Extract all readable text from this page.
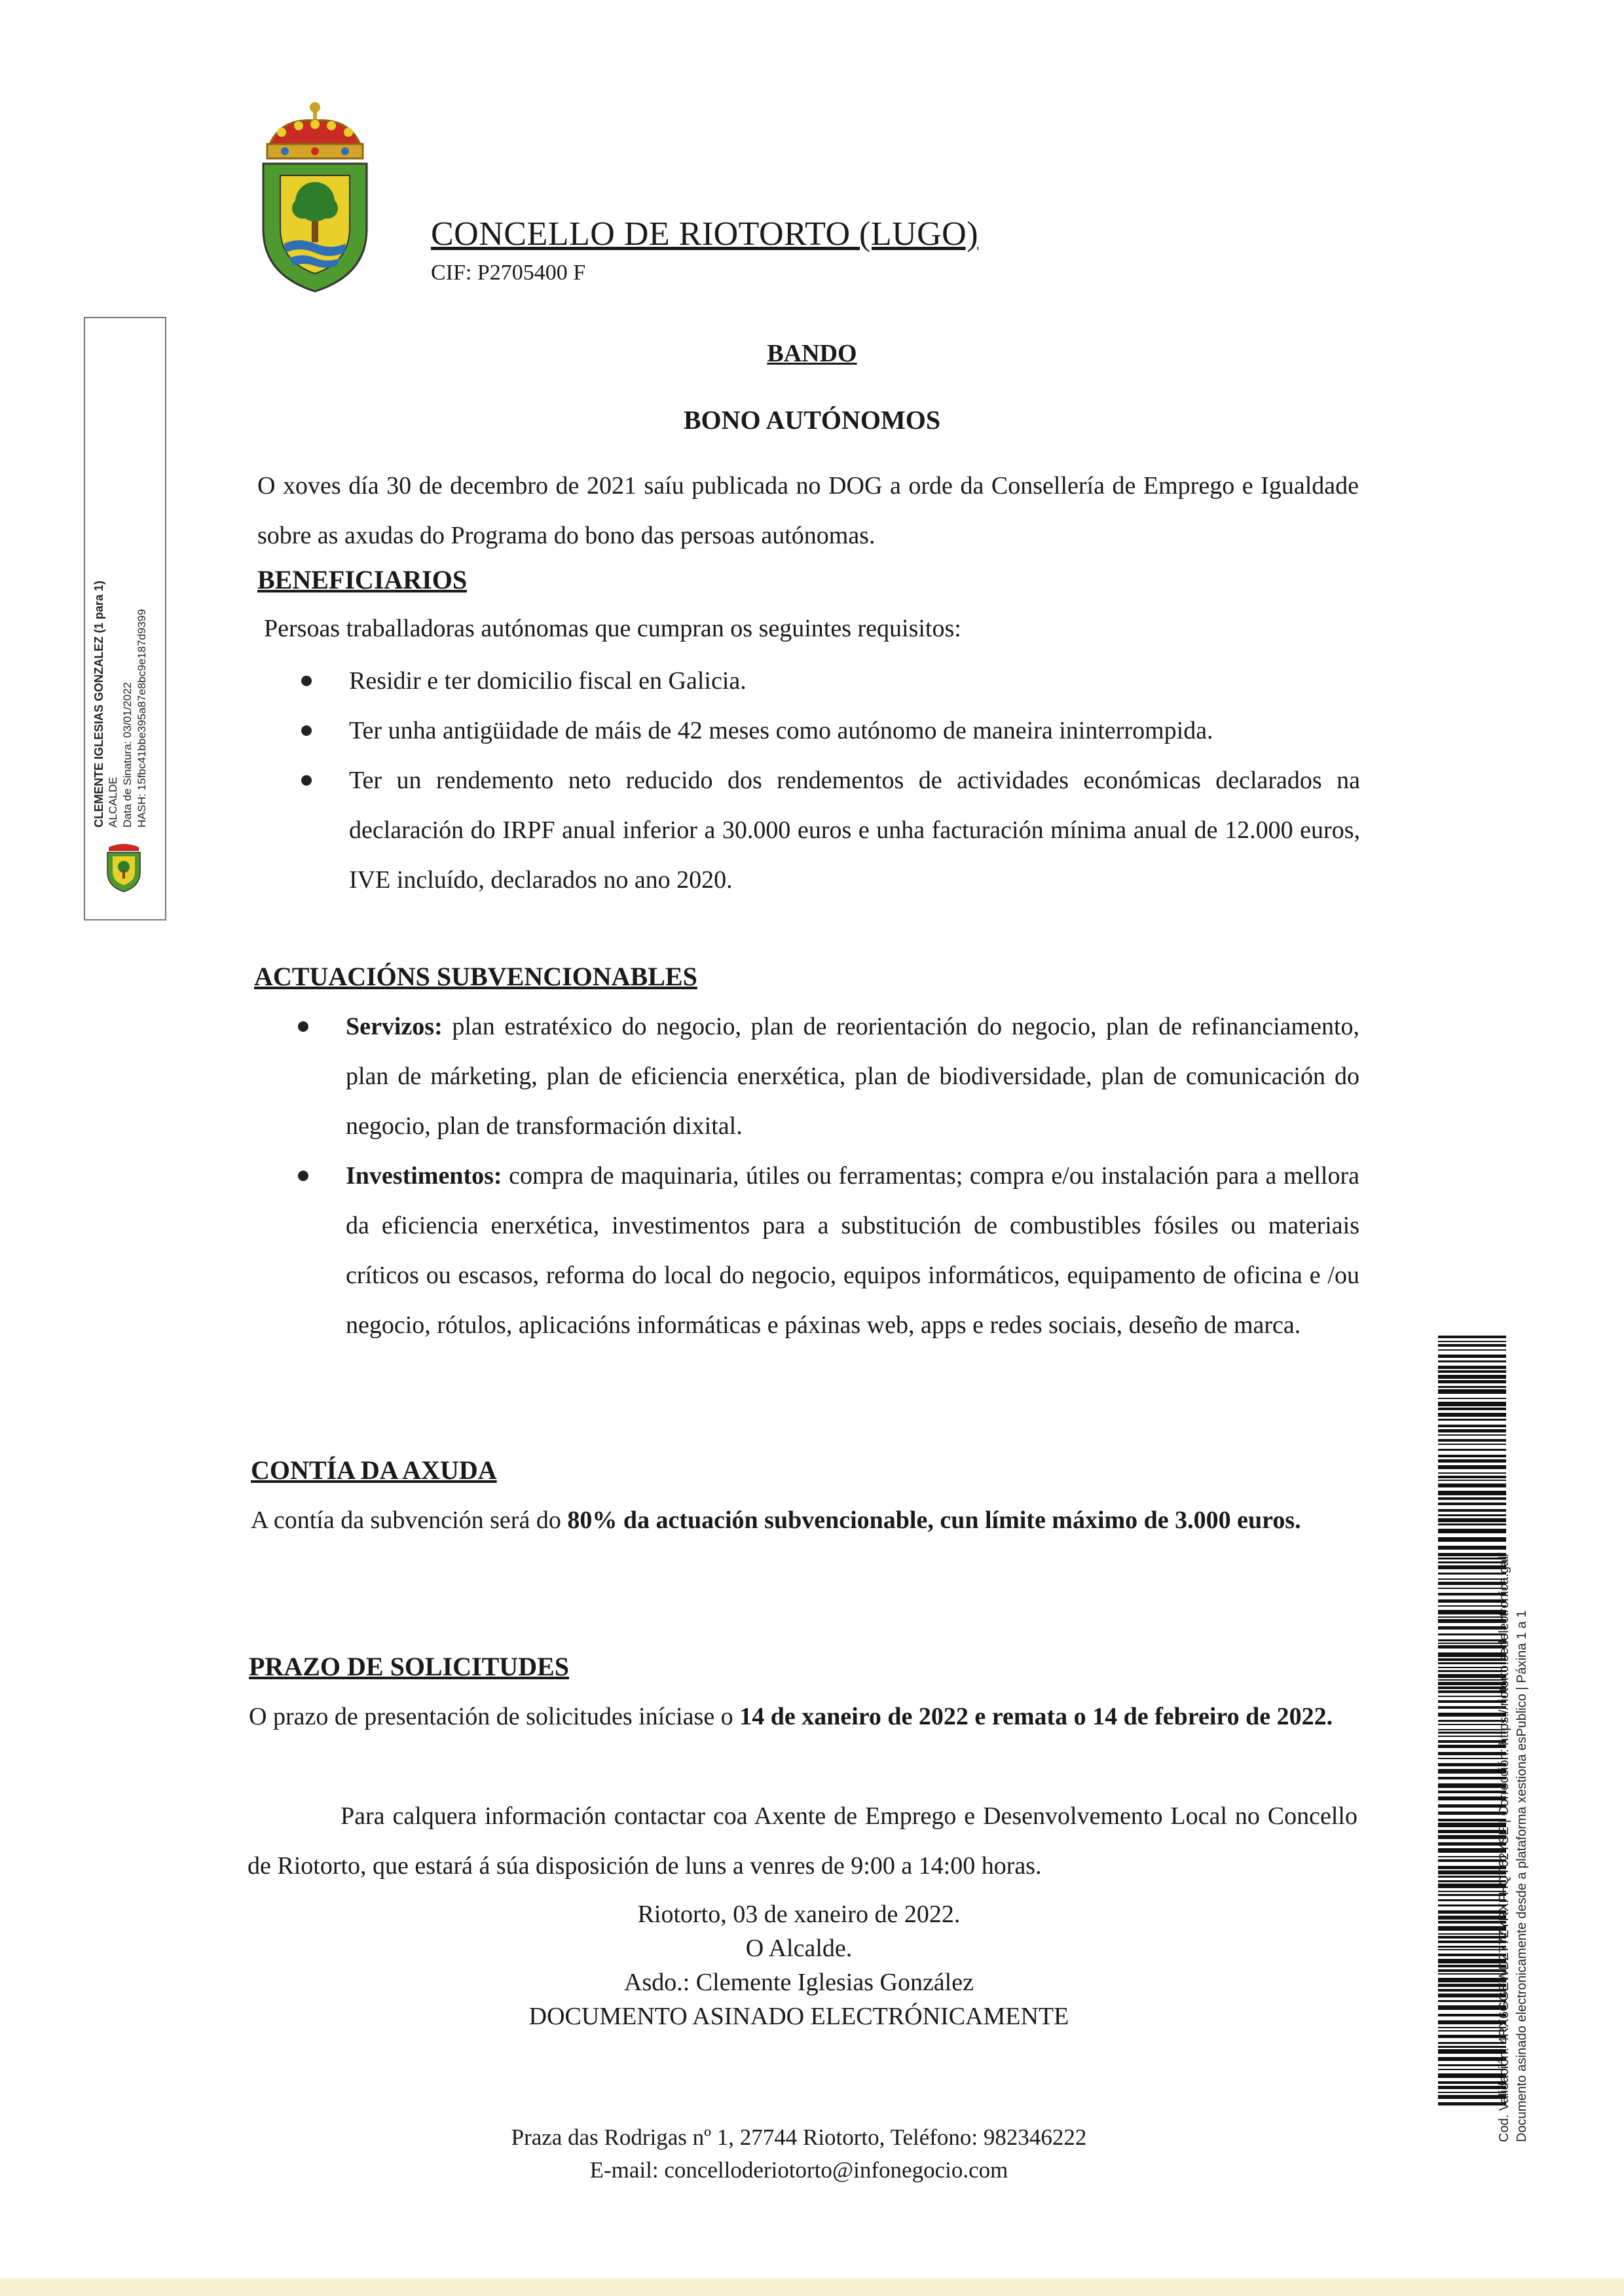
CONCELLO DE RIOTORTO (LUGO)
CIF: P2705400 F
BANDO
BONO AUTÓNOMOS
O xoves día 30 de decembro de 2021 saíu publicada no DOG a orde da Consellería de Emprego e Igualdade sobre as axudas do Programa do bono das persoas autónomas.
BENEFICIARIOS
Persoas traballadoras autónomas que cumpran os seguintes requisitos:
Residir e ter domicilio fiscal en Galicia.
Ter unha antigüidade de máis de 42 meses como autónomo de maneira ininterrompida.
Ter un rendemento neto reducido dos rendementos de actividades económicas declarados na declaración do IRPF anual inferior a 30.000 euros e unha facturación mínima anual de 12.000 euros, IVE incluído, declarados no ano 2020.
ACTUACIÓNS SUBVENCIONABLES
Servizos: plan estratéxico do negocio, plan de reorientación do negocio, plan de refinanciamento, plan de márketing, plan de eficiencia enerxética, plan de biodiversidade, plan de comunicación do negocio, plan de transformación dixital.
Investimentos: compra de maquinaria, útiles ou ferramentas; compra e/ou instalación para a mellora da eficiencia enerxética, investimentos para a substitución de combustibles fósiles ou materiais críticos ou escasos, reforma do local do negocio, equipos informáticos, equipamento de oficina e /ou negocio, rótulos, aplicacións informáticas e páxinas web, apps e redes sociais, deseño de marca.
CONTÍA DA AXUDA
A contía da subvención será do 80% da actuación subvencionable, cun límite máximo de 3.000 euros.
PRAZO DE SOLICITUDES
O prazo de presentación de solicitudes iníciase o 14 de xaneiro de 2022 e remata o 14 de febreiro de 2022.
Para calquera información contactar coa Axente de Emprego e Desenvolvemento Local no Concello de Riotorto, que estará á súa disposición de luns a venres de 9:00 a 14:00 horas.
Riotorto, 03 de xaneiro de 2022.
O Alcalde.
Asdo.: Clemente Iglesias González
DOCUMENTO ASINADO ELECTRÓNICAMENTE
Praza das Rodrigas nº 1, 27744 Riotorto, Teléfono: 982346222
E-mail: concelloderiotorto@infonegocio.com
CLEMENTE IGLESIAS GONZALEZ (1 para 1) ALCALDE Data de Sinatura: 03/01/2022 HASH: 15fbc41bbe395a87e8bc9e187d9399
Cod. Validación: 4RX6GGEWDZ77ZYRXFHQT62YSE | Corrección: https://riotorto.sedelectronica.gal/ Documento asinado electronicamente desde a plataforma xestiona esPublico | Páxina 1 a 1
